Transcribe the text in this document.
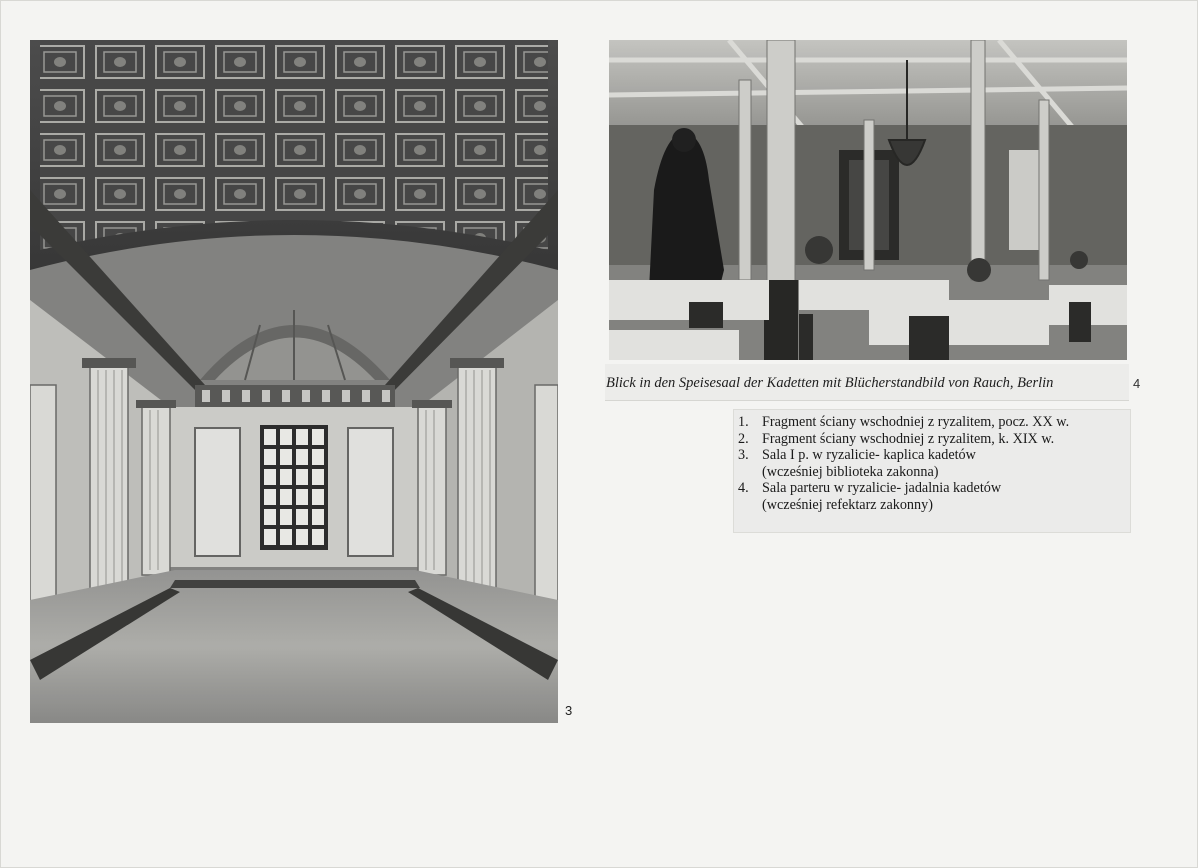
3
Blick in den Speisesaal der Kadetten mit Blücherstandbild von Rauch, Berlin	4
1. Fragment ściany wschodniej z ryzalitem, pocz. XX w.
2. Fragment ściany wschodniej z ryzalitem, k. XIX w.
3. Sala I p. w ryzalicie- kaplica kadetów
(wcześniej biblioteka zakonna)
4. Sala parteru w ryzalicie- jadalnia kadetów
(wcześniej refektarz zakonny)
